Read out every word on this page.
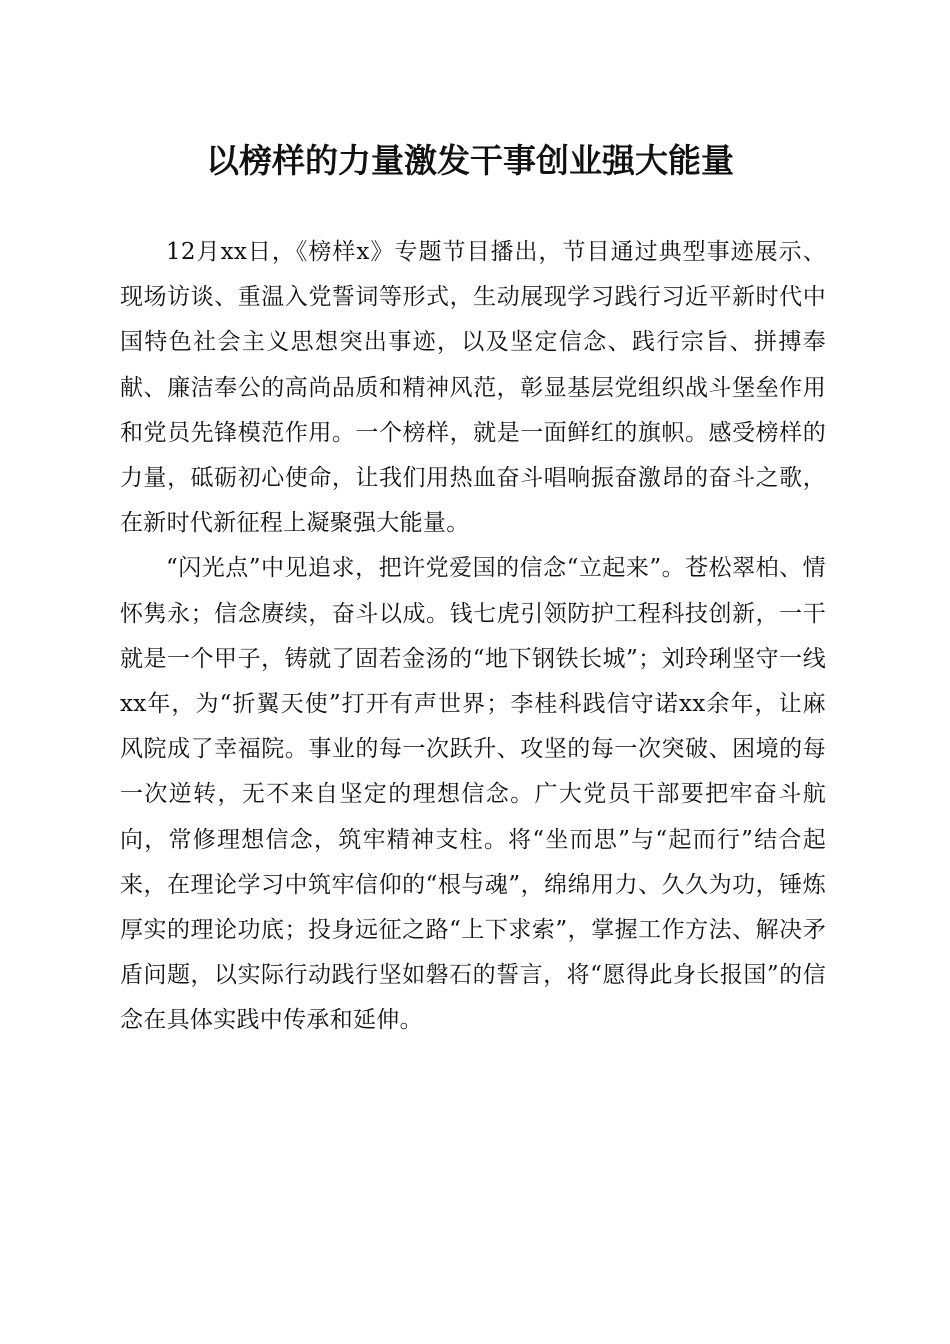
以榜样的力量激发干事创业强大能量

12月xx日，《榜样x》专题节目播出，节目通过典型事迹展示、现场访谈、重温入党誓词等形式，生动展现学习践行习近平新时代中国特色社会主义思想突出事迹，以及坚定信念、践行宗旨、拼搏奉献、廉洁奉公的高尚品质和精神风范，彰显基层党组织战斗堡垒作用和党员先锋模范作用。一个榜样，就是一面鲜红的旗帜。感受榜样的力量，砥砺初心使命，让我们用热血奋斗唱响振奋激昂的奋斗之歌，在新时代新征程上凝聚强大能量。

“闪光点”中见追求，把许党爱国的信念“立起来”。苍松翠柏、情怀隽永；信念赓续，奋斗以成。钱七虎引领防护工程科技创新，一干就是一个甲子，铸就了固若金汤的“地下钢铁长城”；刘玲琍坚守一线xx年，为“折翼天使”打开有声世界；李桂科践信守诺xx余年，让麻风院成了幸福院。事业的每一次跃升、攻坚的每一次突破、困境的每一次逆转，无不来自坚定的理想信念。广大党员干部要把牢奋斗航向，常修理想信念，筑牢精神支柱。将“坐而思”与“起而行”结合起来，在理论学习中筑牢信仰的“根与魂”，绵绵用力、久久为功，锤炼厚实的理论功底；投身远征之路“上下求索”，掌握工作方法、解决矛盾问题，以实际行动践行坚如磐石的誓言，将“愿得此身长报国”的信念在具体实践中传承和延伸。
